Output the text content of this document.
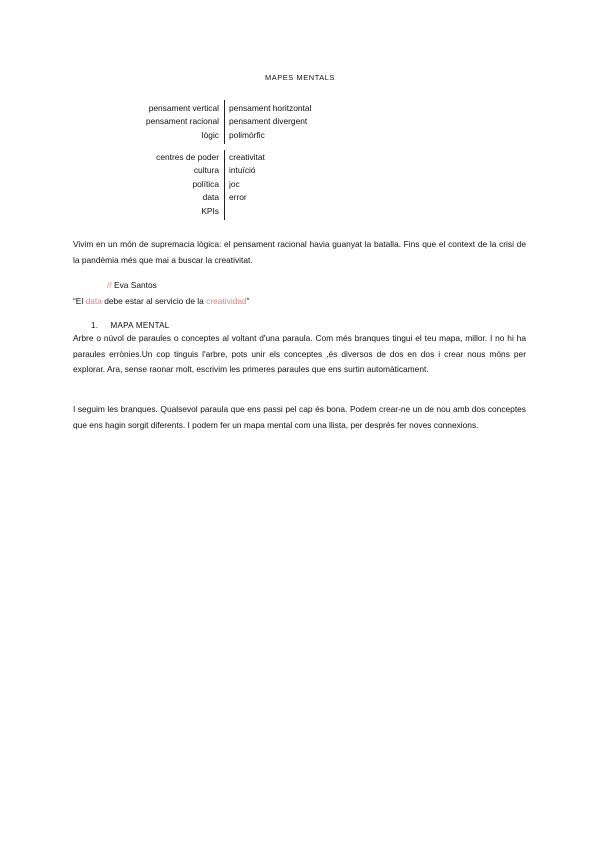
MAPES MENTALS
pensament vertical	pensament horitzontal
pensament racional	pensament divergent
lògic	polimòrfic
centres de poder	creativitat
cultura	intuïció
política	joc
data	error
KPIs

Vivim en un món de supremacia lògica: el pensament racional havia guanyat la batalla. Fins que el context de la crisi de la pandèmia més que mai a buscar la creativitat.

// Eva Santos
“El data debe estar al servicio de la creatividad”
1. MAPA MENTAL

Arbre o núvol de paraules o conceptes al voltant d'una paraula. Com més branques tingui el teu mapa, millor. I no hi ha paraules errònies.Un cop tinguis l'arbre, pots unir els conceptes ,és diversos de dos en dos i crear nous móns per explorar. Ara, sense raonar molt, escrivim les primeres paraules que ens surtin automàticament.

I seguim les branques. Qualsevol paraula que ens passi pel cap és bona. Podem crear-ne un de nou amb dos conceptes que ens hagin sorgit diferents. I podem fer un mapa mental com una llista, per després fer noves connexions.
